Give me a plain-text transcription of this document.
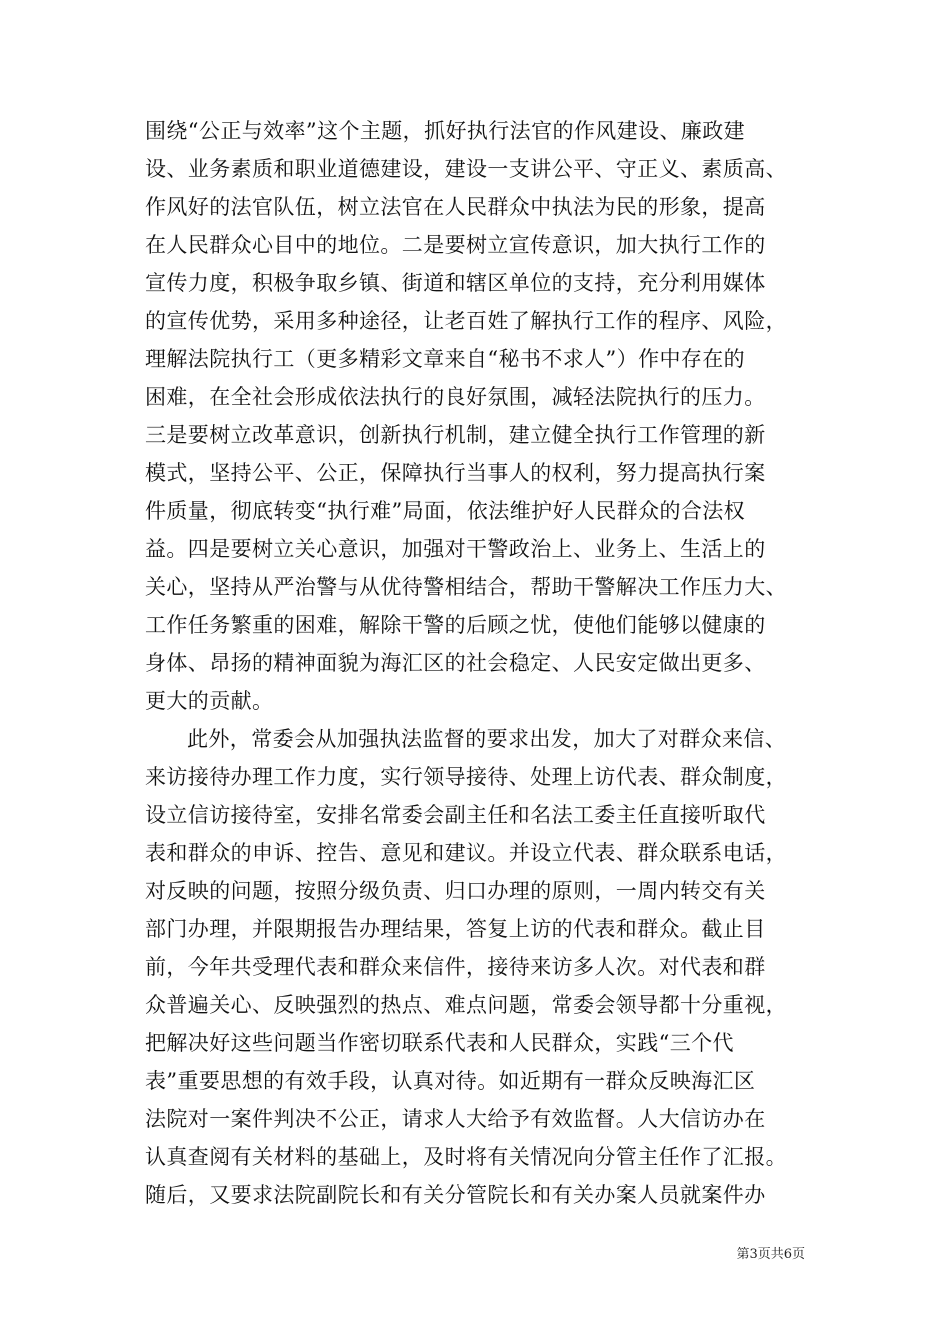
围绕“公正与效率”这个主题，抓好执行法官的作风建设、廉政建
设、业务素质和职业道德建设，建设一支讲公平、守正义、素质高、
作风好的法官队伍，树立法官在人民群众中执法为民的形象，提高
在人民群众心目中的地位。二是要树立宣传意识，加大执行工作的
宣传力度，积极争取乡镇、街道和辖区单位的支持，充分利用媒体
的宣传优势，采用多种途径，让老百姓了解执行工作的程序、风险，
理解法院执行工（更多精彩文章来自“秘书不求人”）作中存在的
困难，在全社会形成依法执行的良好氛围，减轻法院执行的压力。
三是要树立改革意识，创新执行机制，建立健全执行工作管理的新
模式，坚持公平、公正，保障执行当事人的权利，努力提高执行案
件质量，彻底转变“执行难”局面，依法维护好人民群众的合法权
益。四是要树立关心意识，加强对干警政治上、业务上、生活上的
关心，坚持从严治警与从优待警相结合，帮助干警解决工作压力大、
工作任务繁重的困难，解除干警的后顾之忧，使他们能够以健康的
身体、昂扬的精神面貌为海汇区的社会稳定、人民安定做出更多、
更大的贡献。
此外，常委会从加强执法监督的要求出发，加大了对群众来信、
来访接待办理工作力度，实行领导接待、处理上访代表、群众制度，
设立信访接待室，安排名常委会副主任和名法工委主任直接听取代
表和群众的申诉、控告、意见和建议。并设立代表、群众联系电话，
对反映的问题，按照分级负责、归口办理的原则，一周内转交有关
部门办理，并限期报告办理结果，答复上访的代表和群众。截止目
前，今年共受理代表和群众来信件，接待来访多人次。对代表和群
众普遍关心、反映强烈的热点、难点问题，常委会领导都十分重视，
把解决好这些问题当作密切联系代表和人民群众，实践“三个代
表”重要思想的有效手段，认真对待。如近期有一群众反映海汇区
法院对一案件判决不公正，请求人大给予有效监督。人大信访办在
认真查阅有关材料的基础上，及时将有关情况向分管主任作了汇报。
随后，又要求法院副院长和有关分管院长和有关办案人员就案件办
第3页共6页
